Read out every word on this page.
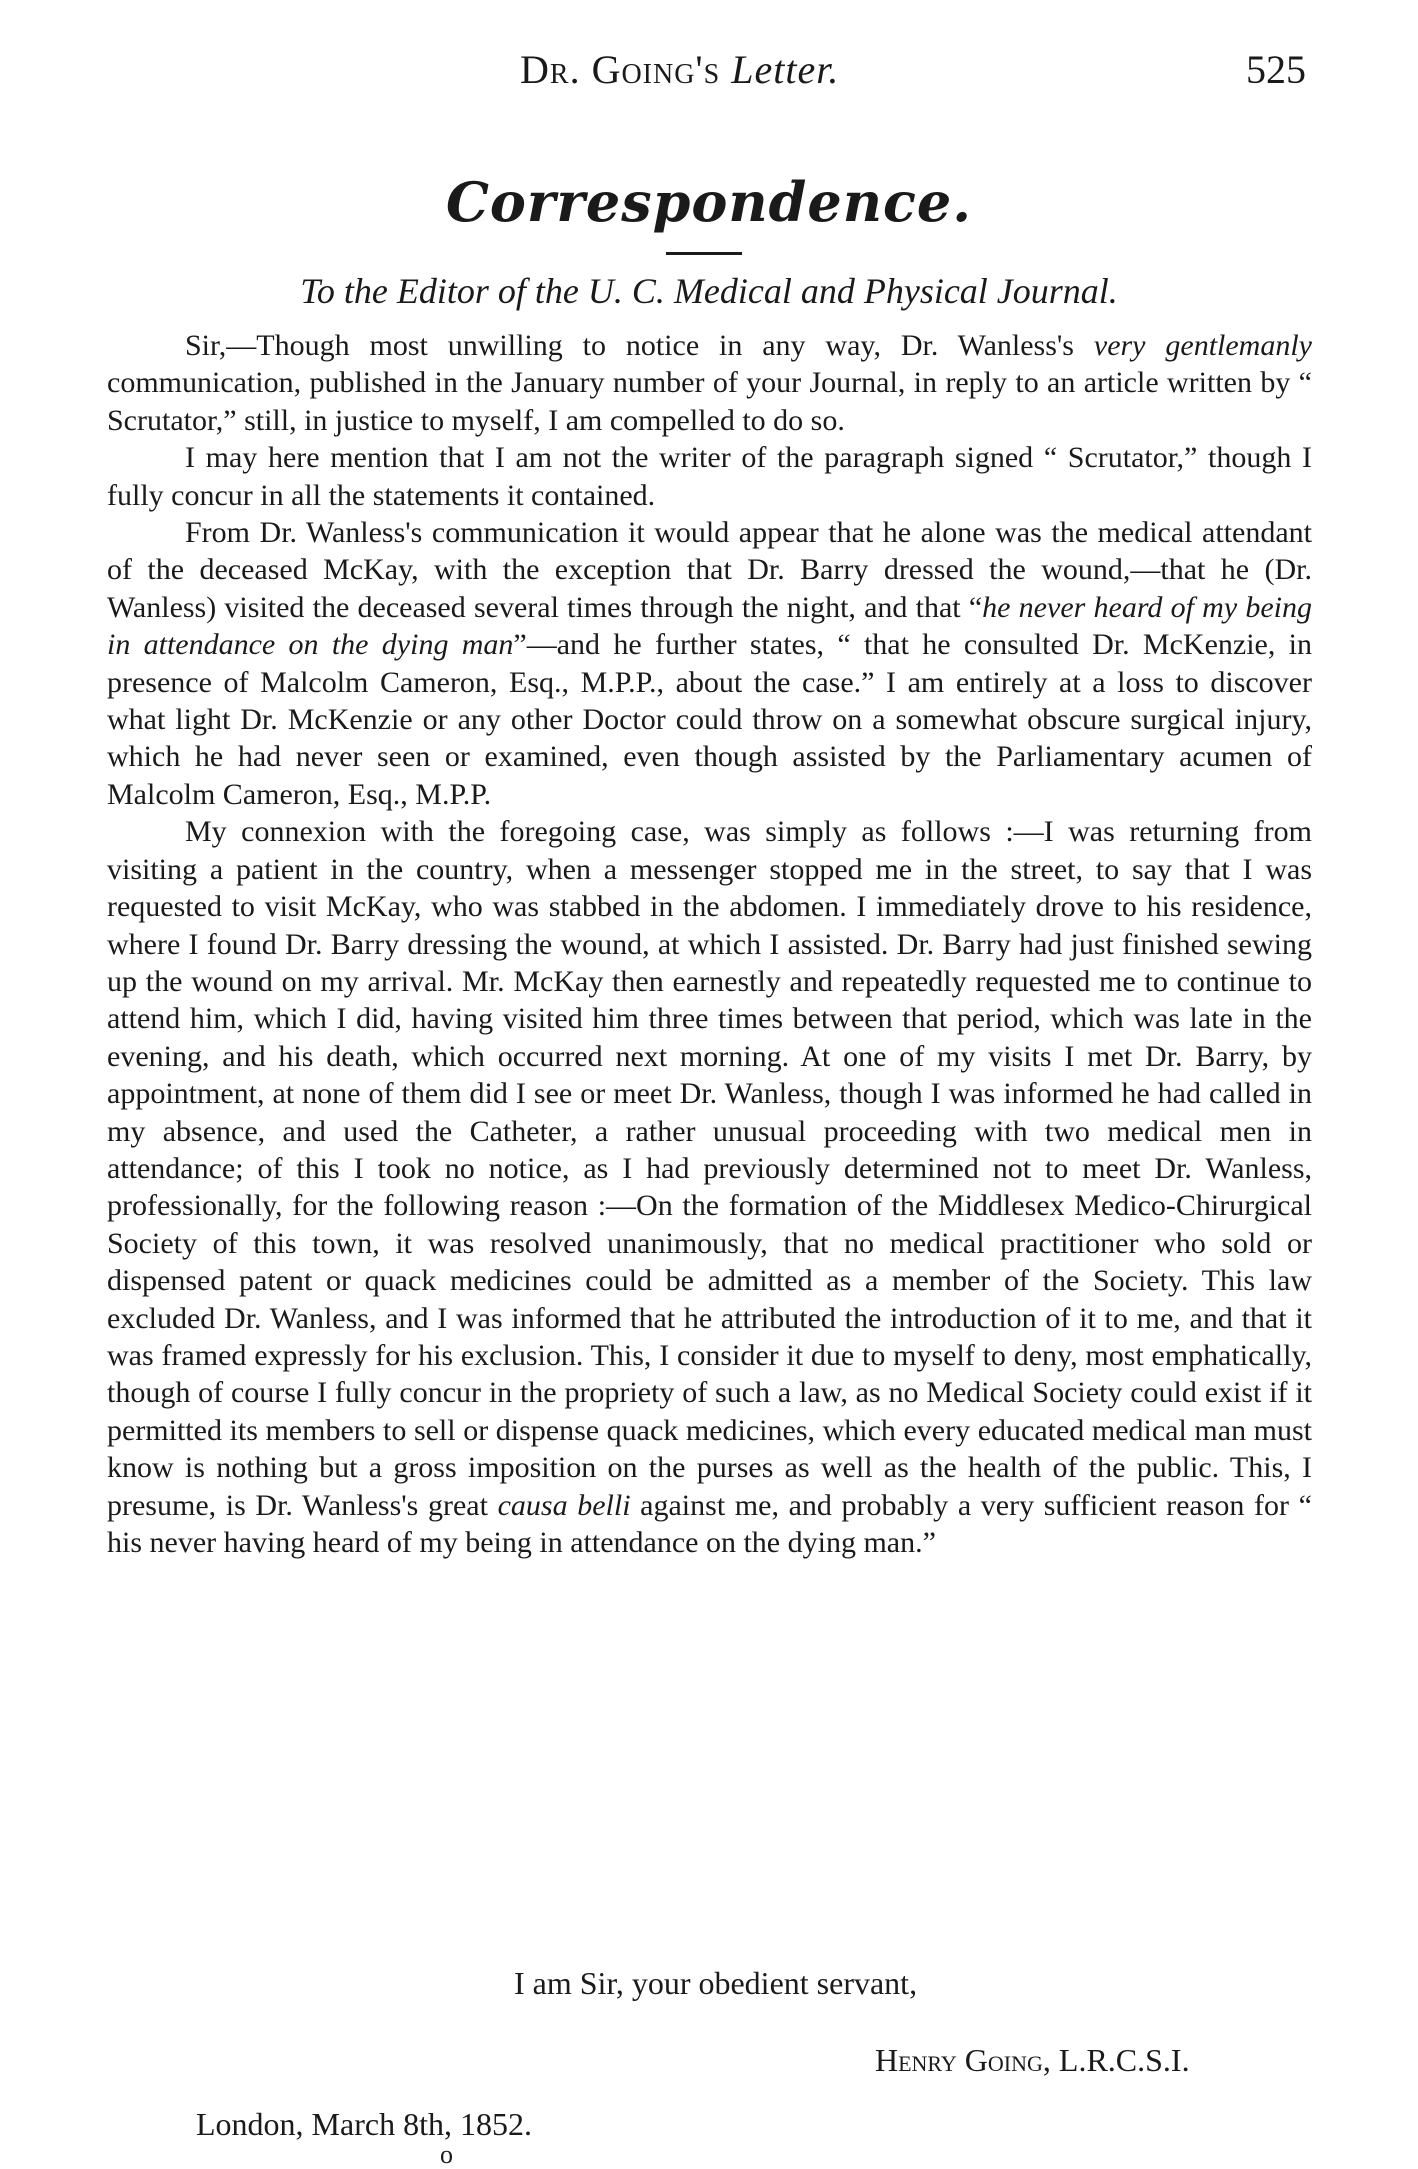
Dr. Going's Letter.	525
Correspondence.
To the Editor of the U. C. Medical and Physical Journal.

Sir,—Though most unwilling to notice in any way, Dr. Wanless's very gentlemanly communication, published in the January number of your Journal, in reply to an article written by “ Scrutator,” still, in justice to myself, I am compelled to do so.

I may here mention that I am not the writer of the paragraph signed “ Scrutator,” though I fully concur in all the statements it contained.

From Dr. Wanless's communication it would appear that he alone was the medical attendant of the deceased McKay, with the exception that Dr. Barry dressed the wound,—that he (Dr. Wanless) visited the deceased several times through the night, and that “he never heard of my being in attendance on the dying man”—and he further states, “ that he consulted Dr. McKenzie, in presence of Malcolm Cameron, Esq., M.P.P., about the case.” I am entirely at a loss to discover what light Dr. McKenzie or any other Doctor could throw on a somewhat obscure surgical injury, which he had never seen or examined, even though assisted by the Parliamentary acumen of Malcolm Cameron, Esq., M.P.P.

My connexion with the foregoing case, was simply as follows :—I was returning from visiting a patient in the country, when a messenger stopped me in the street, to say that I was requested to visit McKay, who was stabbed in the abdomen. I immediately drove to his residence, where I found Dr. Barry dressing the wound, at which I assisted. Dr. Barry had just finished sewing up the wound on my arrival. Mr. McKay then earnestly and repeatedly requested me to continue to attend him, which I did, having visited him three times between that period, which was late in the evening, and his death, which occurred next morning. At one of my visits I met Dr. Barry, by appointment, at none of them did I see or meet Dr. Wanless, though I was informed he had called in my absence, and used the Catheter, a rather unusual proceeding with two medical men in attendance; of this I took no notice, as I had previously determined not to meet Dr. Wanless, professionally, for the following reason :—On the formation of the Middlesex Medico-Chirurgical Society of this town, it was resolved unanimously, that no medical practitioner who sold or dispensed patent or quack medicines could be admitted as a member of the Society. This law excluded Dr. Wanless, and I was informed that he attributed the introduction of it to me, and that it was framed expressly for his exclusion. This, I consider it due to myself to deny, most emphatically, though of course I fully concur in the propriety of such a law, as no Medical Society could exist if it permitted its members to sell or dispense quack medicines, which every educated medical man must know is nothing but a gross imposition on the purses as well as the health of the public. This, I presume, is Dr. Wanless's great causa belli against me, and probably a very sufficient reason for “ his never having heard of my being in attendance on the dying man.”

I am Sir, your obedient servant,
Henry Going, L.R.C.S.I.
London, March 8th, 1852.
o
